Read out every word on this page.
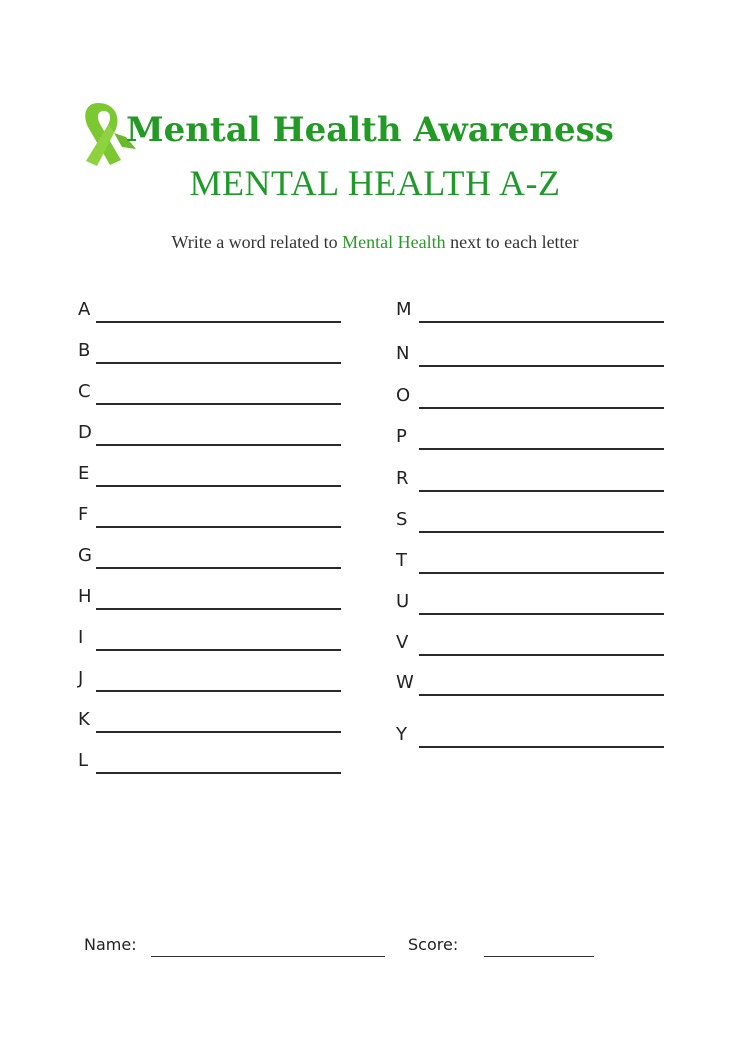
Mental Health Awareness
MENTAL HEALTH A-Z
Write a word related to Mental Health next to each letter
A
B
C
D
E
F
G
H
I
J
K
L
M
N
O
P
R
S
T
U
V
W
Y
Name:	Score:
